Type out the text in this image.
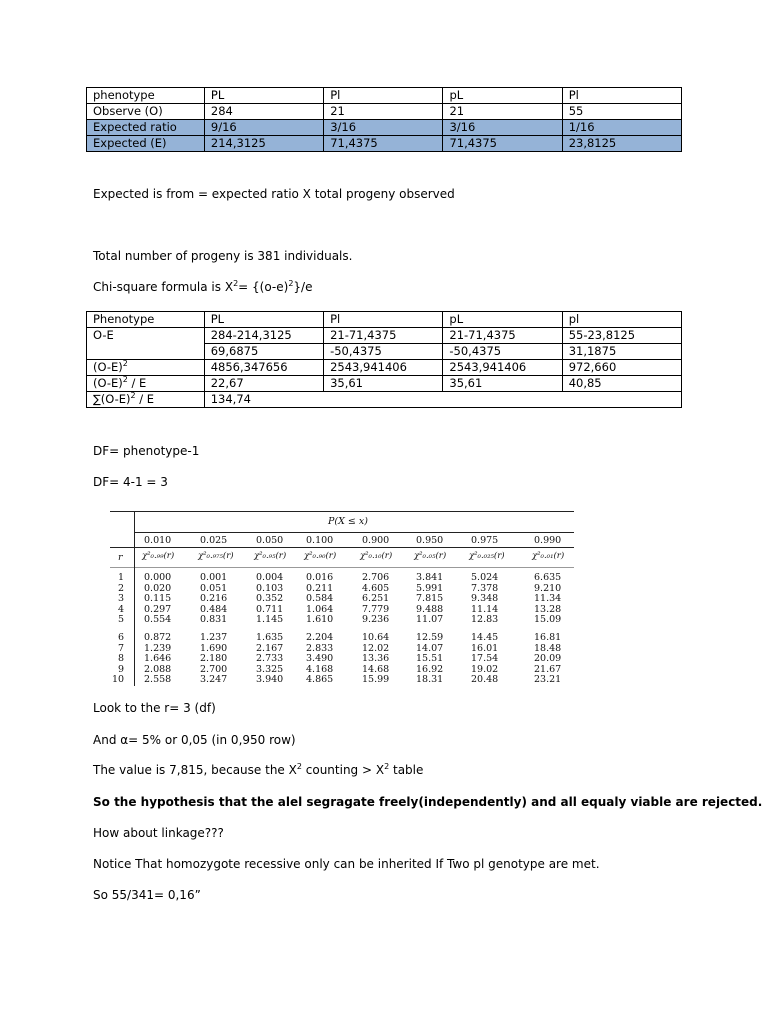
phenotype	PL	Pl	pL	Pl
Observe (O)	284	21	21	55
Expected ratio	9/16	3/16	3/16	1/16
Expected (E)	214,3125	71,4375	71,4375	23,8125
Expected is from = expected ratio X total progeny observed
Total number of progeny is 381 individuals.
Chi-square formula is $X^2= \{(o-e)^2\}/e$
Phenotype	PL	Pl	pL	pl
O-E	284-214,3125	21-71,4375	21-71,4375	55-23,8125
	69,6875	-50,4375	-50,4375	31,1875
$(O-E)^2$	4856,347656	2543,941406	2543,941406	972,660
$(O-E)^2$ / E	22,67	35,61	35,61	40,85
$\sum(O-E)^2$ / E	134,74			
DF= phenotype-1
DF= 4-1 = 3
P(X ≤ x)
r
0.010	0.025	0.050 0.100	0.900	0.950	0.975	0.990
χ²₀.₉₉(r)	χ²₀.₉₇₅(r) χ²₀.₉₅(r) χ²₀.₉₀(r)	χ²₀.₁₀(r)	χ²₀.₀₅(r)	χ²₀.₀₂₅(r)	χ²₀.₀₁(r)
1 0.000	0.001	0.004 0.016	2.706	3.841	5.024	6.635
2 0.020	0.051	0.103 0.211	4.605	5.991	7.378	9.210
3 0.115	0.216	0.352 0.584	6.251	7.815	9.348	11.34
4 0.297	0.484	0.711 1.064	7.779	9.488	11.14	13.28
5 0.554	0.831	1.145 1.610	9.236	11.07	12.83	15.09
6 0.872	1.237	1.635 2.204	10.64	12.59	14.45	16.81
7 1.239	1.690	2.167 2.833	12.02	14.07	16.01	18.48
8 1.646	2.180	2.733 3.490	13.36	15.51	17.54	20.09
9 2.088	2.700	3.325 4.168	14.68	16.92	19.02	21.67
10 2.558	3.247	3.940 4.865	15.99	18.31	20.48	23.21
Look to the r= 3 (df)
And α= 5% or 0,05 (in 0,950 row)
The value is 7,815, because the $X^2$ counting > $X^2$ table
So the hypothesis that the alel segragate freely(independently) and all equaly viable are rejected.
How about linkage???
Notice That homozygote recessive only can be inherited If Two pl genotype are met.
So 55/341= 0,16”
